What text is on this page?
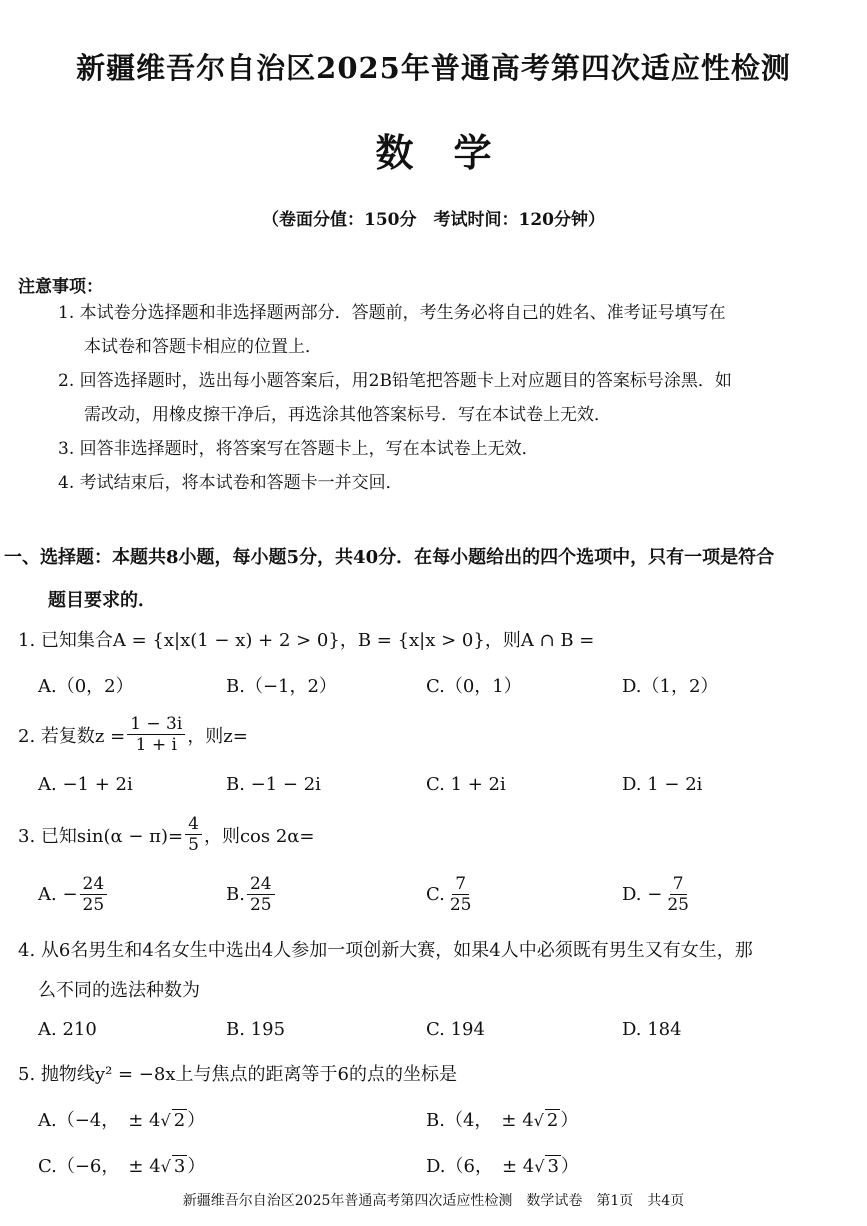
新疆维吾尔自治区2025年普通高考第四次适应性检测
数学
（卷面分值：150分　考试时间：120分钟）
注意事项：
1. 本试卷分选择题和非选择题两部分．答题前，考生务必将自己的姓名、准考证号填写在
本试卷和答题卡相应的位置上．
2. 回答选择题时，选出每小题答案后，用2B铅笔把答题卡上对应题目的答案标号涂黑．如
需改动，用橡皮擦干净后，再选涂其他答案标号．写在本试卷上无效．
3. 回答非选择题时，将答案写在答题卡上，写在本试卷上无效．
4. 考试结束后，将本试卷和答题卡一并交回．
一、选择题：本题共8小题，每小题5分，共40分．在每小题给出的四个选项中，只有一项是符合
题目要求的．
1. 已知集合A = {x|x(1 − x) + 2 > 0}，B = {x|x > 0}，则A ∩ B =
A.（0，2）	B.（−1，2）	C.（0，1）	D.（1，2）
2. 若复数$z = \frac{1 - 3i}{1 + i}$ ，则z=
A. −1 + 2i	B. −1 − 2i	C. 1 + 2i	D. 1 − 2i
3. 已知$\sin(\alpha - \pi)= \frac{4}{5}$ ，则cos 2α=
A. − $\frac{24}{25}$	B. $\frac{24}{25}$	C. $\frac{7}{25}$	D. − $\frac{7}{25}$
4. 从6名男生和4名女生中选出4人参加一项创新大赛，如果4人中必须既有男生又有女生，那
么不同的选法种数为
A. 210	B. 195	C. 194	D. 184
5. 抛物线y² = −8x上与焦点的距离等于6的点的坐标是
A.（−4，　± 4√ 2 ）	B.（4，　± 4√ 2 ）
C.（−6，　± 4√ 3 ）	D.（6，　± 4√ 3 ）
新疆维吾尔自治区2025年普通高考第四次适应性检测　数学试卷　第1页　共4页
